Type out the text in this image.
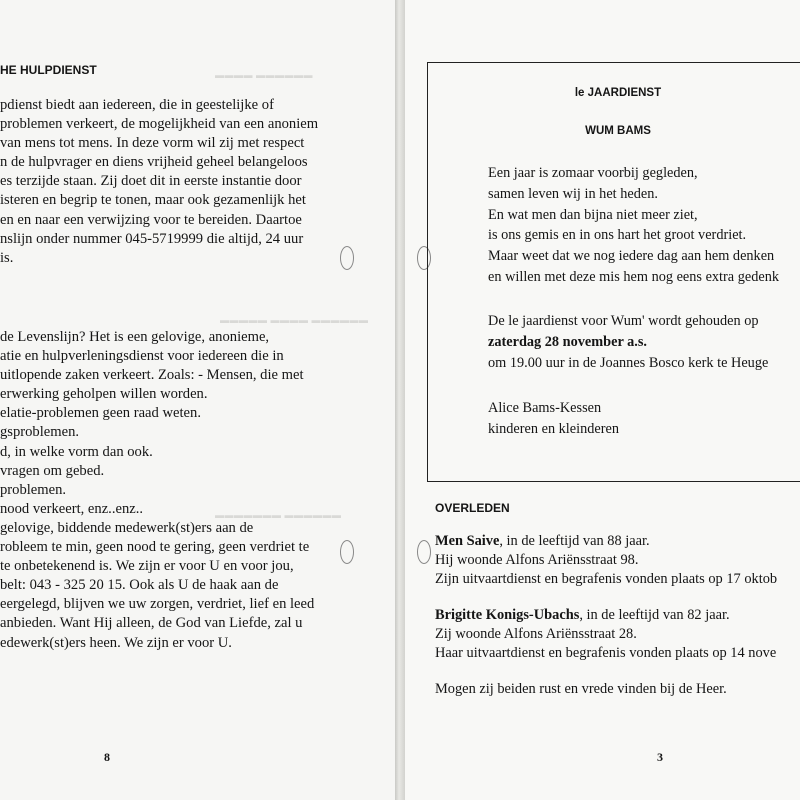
▬▬▬▬ ▬▬▬▬▬▬
▬▬▬▬▬ ▬▬▬▬ ▬▬▬▬▬▬
▬▬▬▬▬▬▬ ▬▬▬▬▬▬
HE HULPDIENST
pdienst biedt aan iedereen, die in geestelijke of
problemen verkeert, de mogelijkheid van een anoniem
van mens tot mens. In deze vorm wil zij met respect
n de hulpvrager en diens vrijheid geheel belangeloos
es terzijde staan. Zij doet dit in eerste instantie door
isteren en begrip te tonen, maar ook gezamenlijk het
en en naar een verwijzing voor te bereiden. Daartoe
nslijn onder nummer 045-5719999 die altijd, 24 uur
is.
de Levenslijn? Het is een gelovige, anonieme,
atie en hulpverleningsdienst voor iedereen die in
uitlopende zaken verkeert. Zoals: - Mensen, die met
erwerking geholpen willen worden.
elatie-problemen geen raad weten.
gsproblemen.
d, in welke vorm dan ook.
vragen om gebed.
problemen.
nood verkeert, enz..enz..
gelovige, biddende medewerk(st)ers aan de
robleem te min, geen nood te gering, geen verdriet te
te onbetekenend is. We zijn er voor U en voor jou,
belt: 043 - 325 20 15. Ook als U de haak aan de
eergelegd, blijven we uw zorgen, verdriet, lief en leed
anbieden. Want Hij alleen, de God van Liefde, zal u
edewerk(st)ers heen. We zijn er voor U.
8
le JAARDIENST
WUM BAMS
Een jaar is zomaar voorbij gegleden,
samen leven wij in het heden.
En wat men dan bijna niet meer ziet,
is ons gemis en in ons hart het groot verdriet.
Maar weet dat we nog iedere dag aan hem denken
en willen met deze mis hem nog eens extra gedenk
De le jaardienst voor Wum' wordt gehouden op
zaterdag 28 november a.s.
om 19.00 uur in de Joannes Bosco kerk te Heuge
Alice Bams-Kessen
kinderen en kleinderen
OVERLEDEN
Men Saive, in de leeftijd van 88 jaar.
Hij woonde Alfons Ariënsstraat 98.
Zijn uitvaartdienst en begrafenis vonden plaats op 17 oktob
Brigitte Konigs-Ubachs, in de leeftijd van 82 jaar.
Zij woonde Alfons Ariënsstraat 28.
Haar uitvaartdienst en begrafenis vonden plaats op 14 nove
Mogen zij beiden rust en vrede vinden bij de Heer.
3
